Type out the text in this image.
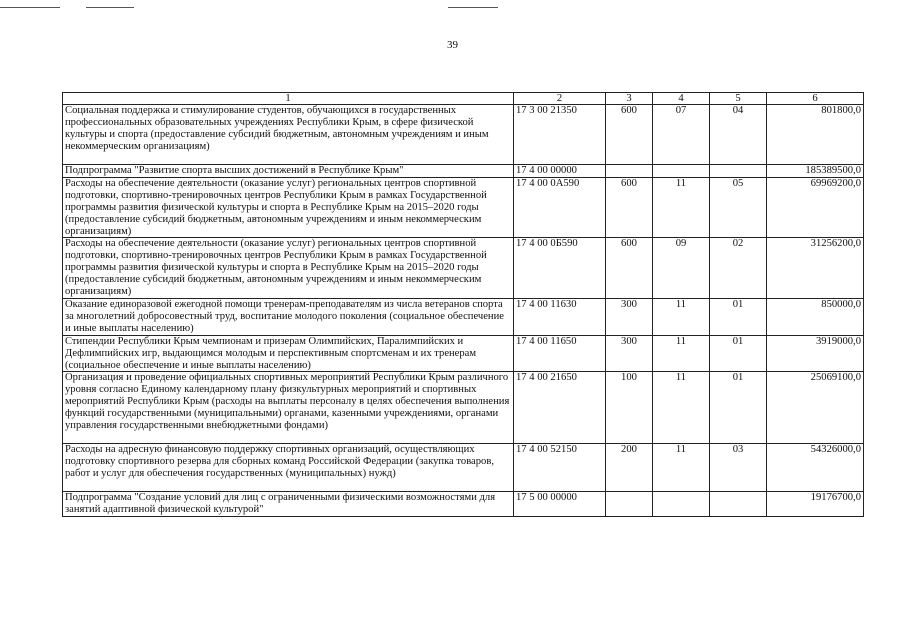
39
1	2	3	4	5	6
Социальная поддержка и стимулирование студентов, обучающихся в государственных профессиональных образовательных учреждениях Республики Крым, в сфере физической культуры и спорта (предоставление субсидий бюджетным, автономным учреждениям и иным некоммерческим организациям)	17 3 00 21350	600	07	04	801800,0
Подпрограмма "Развитие спорта высших достижений в Республике Крым"	17 4 00 00000				185389500,0
Расходы на обеспечение деятельности (оказание услуг) региональных центров спортивной подготовки, спортивно-тренировочных центров Республики Крым в рамках Государственной программы развития физической культуры и спорта в Республике Крым на 2015–2020 годы (предоставление субсидий бюджетным, автономным учреждениям и иным некоммерческим организациям)	17 4 00 0А590	600	11	05	69969200,0
Расходы на обеспечение деятельности (оказание услуг) региональных центров спортивной подготовки, спортивно-тренировочных центров Республики Крым в рамках Государственной программы развития физической культуры и спорта в Республике Крым на 2015–2020 годы (предоставление субсидий бюджетным, автономным учреждениям и иным некоммерческим организациям)	17 4 00 0Б590	600	09	02	31256200,0
Оказание единоразовой ежегодной помощи тренерам-преподавателям из числа ветеранов спорта за многолетний добросовестный труд, воспитание молодого поколения (социальное обеспечение и иные выплаты населению)	17 4 00 11630	300	11	01	850000,0
Стипендии Республики Крым чемпионам и призерам Олимпийских, Паралимпийских и Дефлимпийских игр, выдающимся молодым и перспективным спортсменам и их тренерам (социальное обеспечение и иные выплаты населению)	17 4 00 11650	300	11	01	3919000,0
Организация и проведение официальных спортивных мероприятий Республики Крым различного уровня согласно Единому календарному плану физкультурных мероприятий и спортивных мероприятий Республики Крым (расходы на выплаты персоналу в целях обеспечения выполнения функций государственными (муниципальными) органами, казенными учреждениями, органами управления государственными внебюджетными фондами)	17 4 00 21650	100	11	01	25069100,0
Расходы на адресную финансовую поддержку спортивных организаций, осуществляющих подготовку спортивного резерва для сборных команд Российской Федерации (закупка товаров, работ и услуг для обеспечения государственных (муниципальных) нужд)	17 4 00 52150	200	11	03	54326000,0
Подпрограмма "Создание условий для лиц с ограниченными физическими возможностями для занятий адаптивной физической культурой"	17 5 00 00000				19176700,0
